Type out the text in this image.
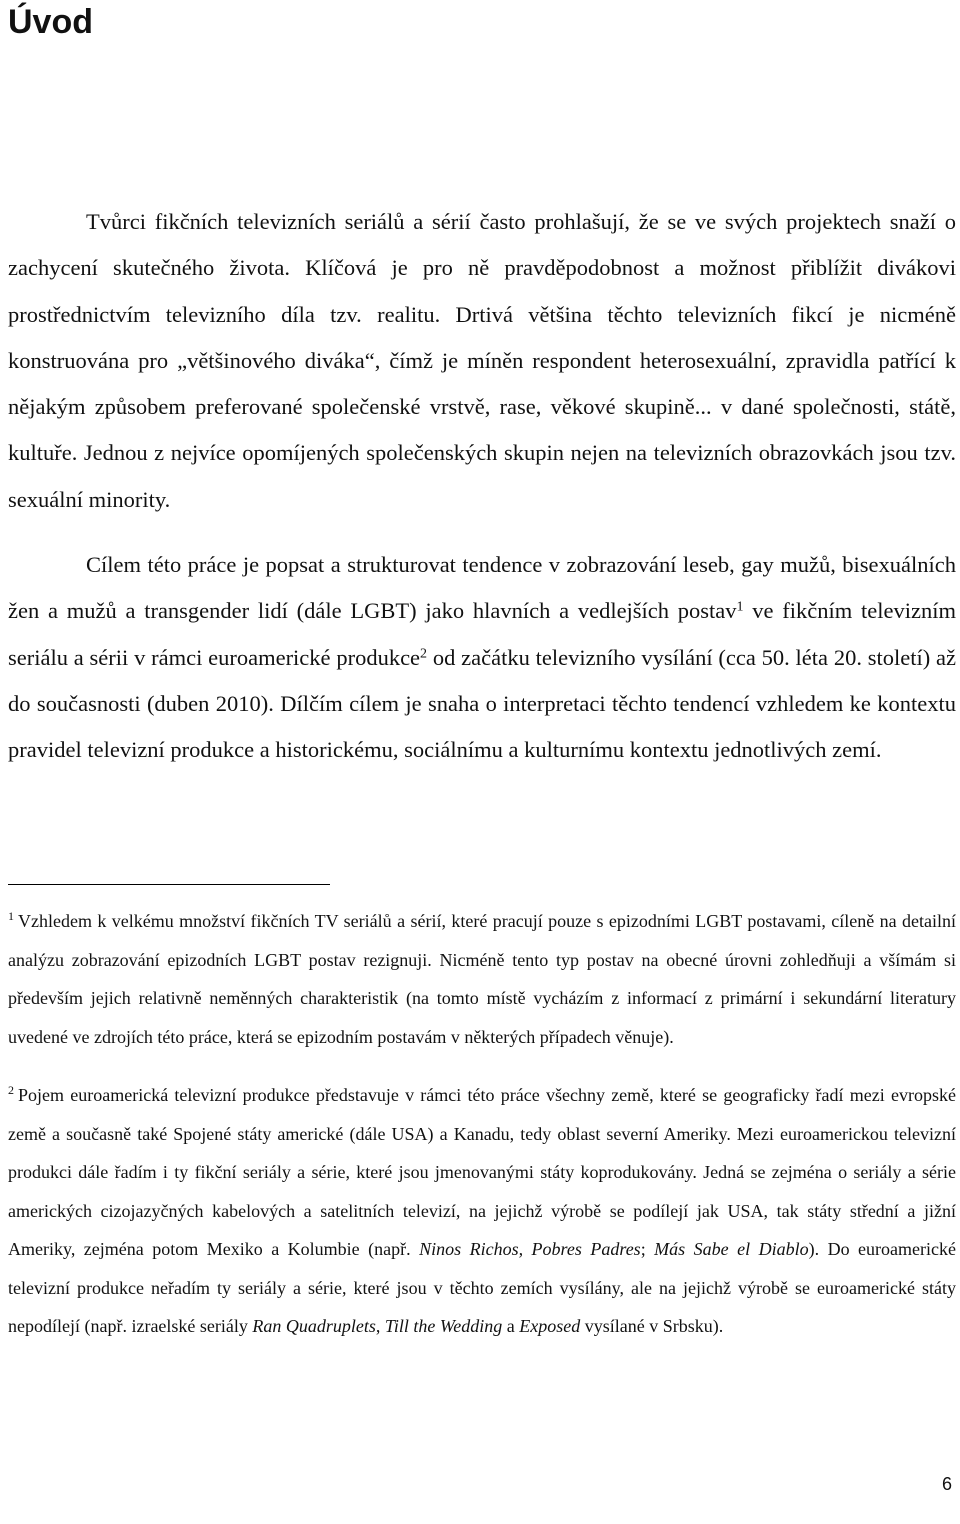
Úvod

Tvůrci fikčních televizních seriálů a sérií často prohlašují, že se ve svých projektech snaží o zachycení skutečného života. Klíčová je pro ně pravděpodobnost a možnost přiblížit divákovi prostřednictvím televizního díla tzv. realitu. Drtivá většina těchto televizních fikcí je nicméně konstruována pro „většinového diváka“, čímž je míněn respondent heterosexuální, zpravidla patřící k nějakým způsobem preferované společenské vrstvě, rase, věkové skupině... v dané společnosti, státě, kultuře. Jednou z nejvíce opomíjených společenských skupin nejen na televizních obrazovkách jsou tzv. sexuální minority.

Cílem této práce je popsat a strukturovat tendence v zobrazování leseb, gay mužů, bisexuálních žen a mužů a transgender lidí (dále LGBT) jako hlavních a vedlejších postav$^1$ ve fikčním televizním seriálu a sérii v rámci euroamerické produkce$^2$ od začátku televizního vysílání (cca 50. léta 20. století) až do současnosti (duben 2010). Dílčím cílem je snaha o interpretaci těchto tendencí vzhledem ke kontextu pravidel televizní produkce a historickému, sociálnímu a kulturnímu kontextu jednotlivých zemí.

$^1$ Vzhledem k velkému množství fikčních TV seriálů a sérií, které pracují pouze s epizodními LGBT postavami, cíleně na detailní analýzu zobrazování epizodních LGBT postav rezignuji. Nicméně tento typ postav na obecné úrovni zohledňuji a všímám si především jejich relativně neměnných charakteristik (na tomto místě vycházím z informací z primární i sekundární literatury uvedené ve zdrojích této práce, která se epizodním postavám v některých případech věnuje).

$^2$ Pojem euroamerická televizní produkce představuje v rámci této práce všechny země, které se geograficky řadí mezi evropské země a současně také Spojené státy americké (dále USA) a Kanadu, tedy oblast severní Ameriky. Mezi euroamerickou televizní produkci dále řadím i ty fikční seriály a série, které jsou jmenovanými státy koprodukovány. Jedná se zejména o seriály a série amerických cizojazyčných kabelových a satelitních televizí, na jejichž výrobě se podílejí jak USA, tak státy střední a jižní Ameriky, zejména potom Mexiko a Kolumbie (např. Ninos Richos, Pobres Padres; Más Sabe el Diablo). Do euroamerické televizní produkce neřadím ty seriály a série, které jsou v těchto zemích vysílány, ale na jejichž výrobě se euroamerické státy nepodílejí (např. izraelské seriály Ran Quadruplets, Till the Wedding a Exposed vysílané v Srbsku).

6
